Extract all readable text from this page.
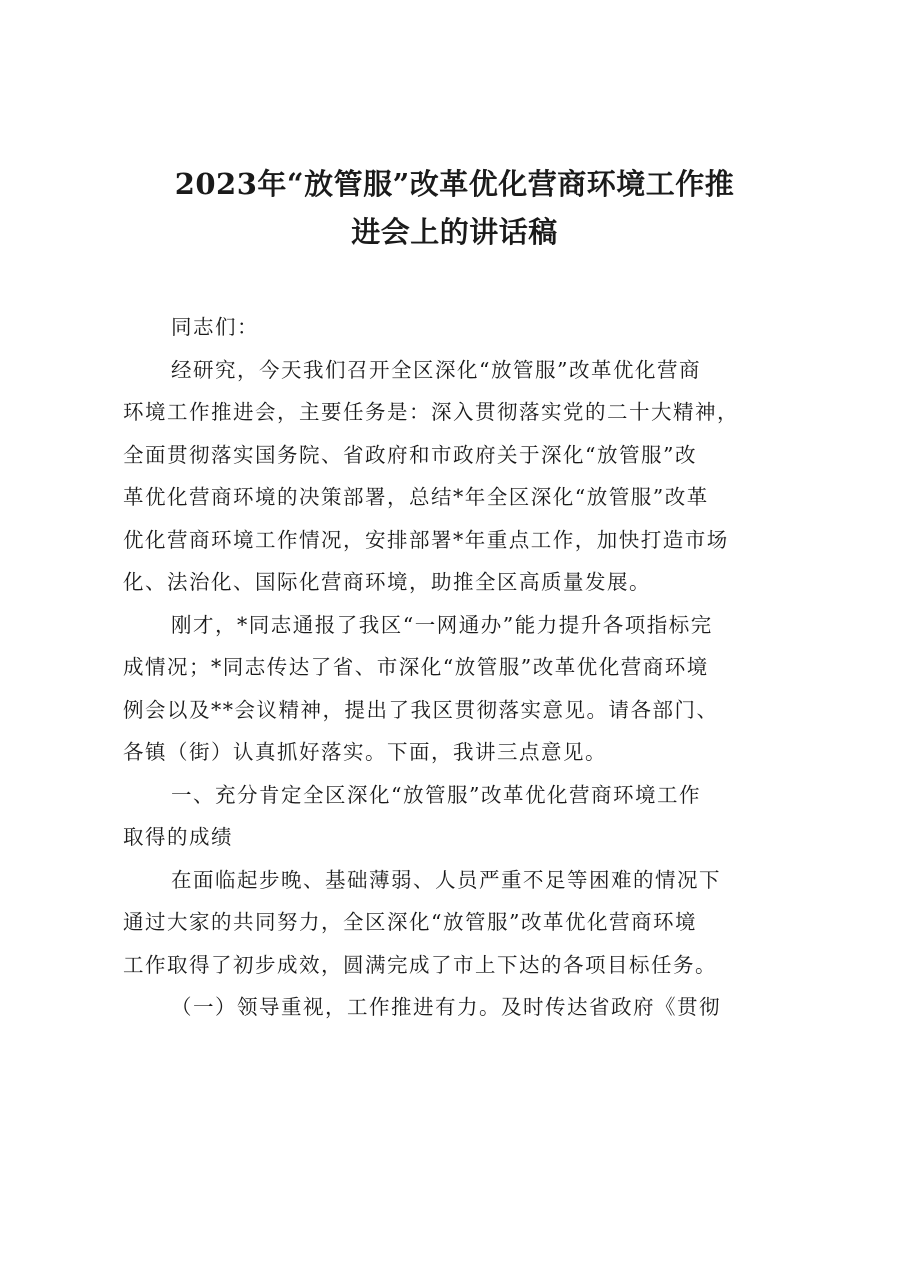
2023年“放管服”改革优化营商环境工作推
进会上的讲话稿
同志们：
经研究，今天我们召开全区深化“放管服”改革优化营商
环境工作推进会，主要任务是：深入贯彻落实党的二十大精神，
全面贯彻落实国务院、省政府和市政府关于深化“放管服”改
革优化营商环境的决策部署，总结*年全区深化“放管服”改革
优化营商环境工作情况，安排部署*年重点工作，加快打造市场
化、法治化、国际化营商环境，助推全区高质量发展。
刚才，*同志通报了我区“一网通办”能力提升各项指标完
成情况；*同志传达了省、市深化“放管服”改革优化营商环境
例会以及**会议精神，提出了我区贯彻落实意见。请各部门、
各镇（街）认真抓好落实。下面，我讲三点意见。
一、充分肯定全区深化“放管服”改革优化营商环境工作
取得的成绩
在面临起步晚、基础薄弱、人员严重不足等困难的情况下
通过大家的共同努力，全区深化“放管服”改革优化营商环境
工作取得了初步成效，圆满完成了市上下达的各项目标任务。
（一）领导重视，工作推进有力。及时传达省政府《贯彻
